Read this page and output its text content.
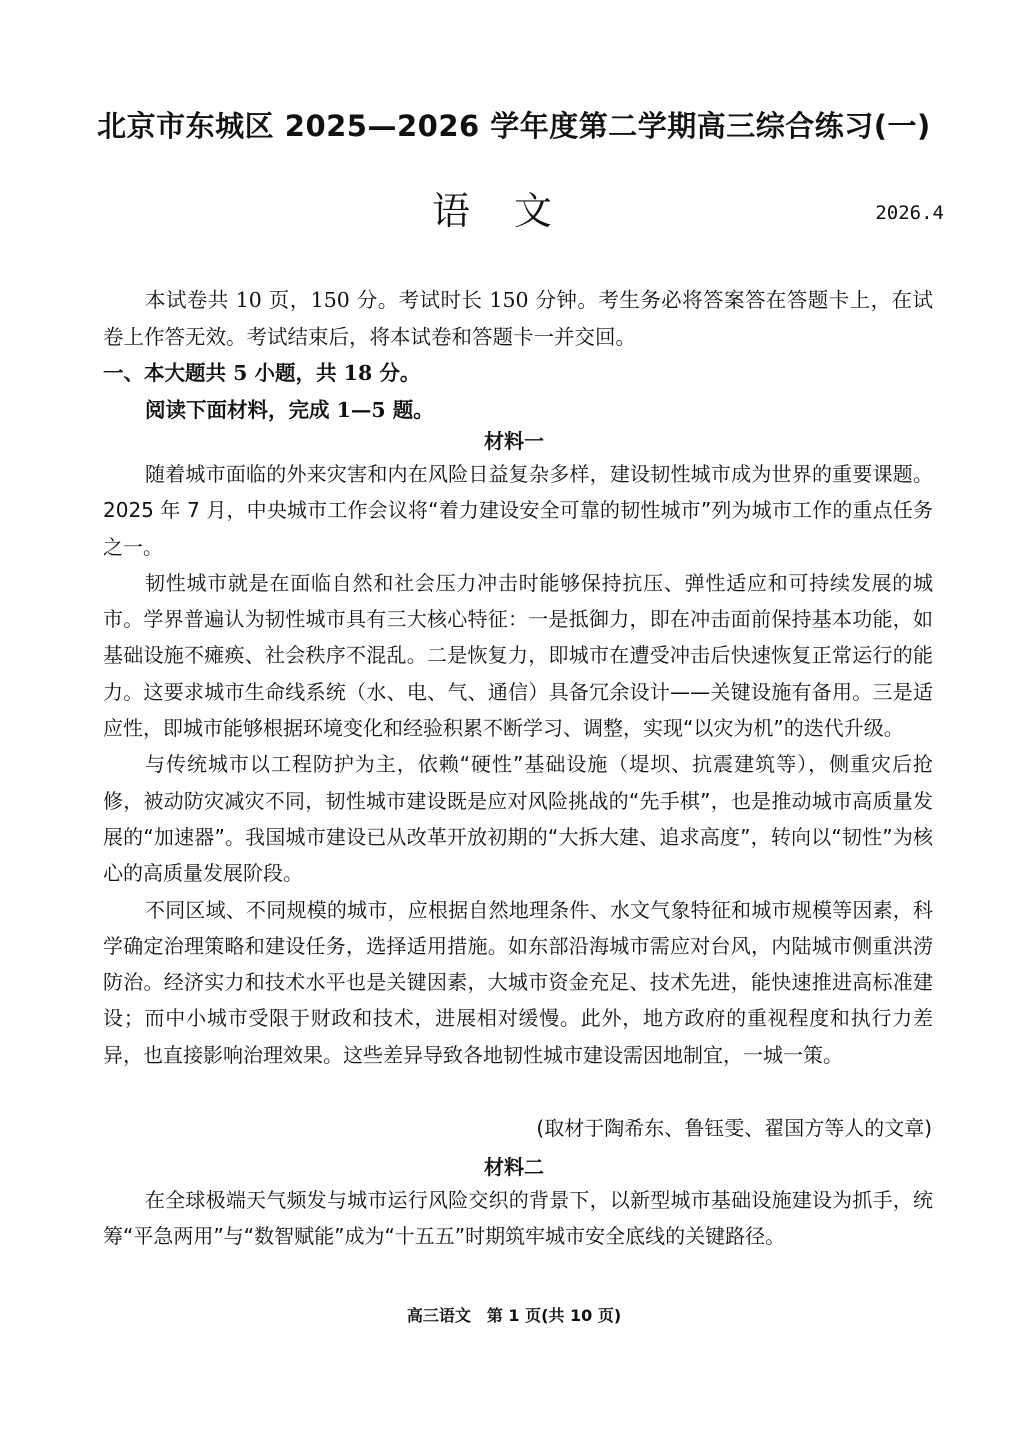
北京市东城区 2025—2026 学年度第二学期高三综合练习(一)
语文	2026.4

本试卷共 10 页，150 分。考试时长 150 分钟。考生务必将答案答在答题卡上，在试卷上作答无效。考试结束后，将本试卷和答题卡一并交回。

一、本大题共 5 小题，共 18 分。
阅读下面材料，完成 1—5 题。
材料一

随着城市面临的外来灾害和内在风险日益复杂多样，建设韧性城市成为世界的重要课题。2025 年 7 月，中央城市工作会议将“着力建设安全可靠的韧性城市”列为城市工作的重点任务之一。

韧性城市就是在面临自然和社会压力冲击时能够保持抗压、弹性适应和可持续发展的城市。学界普遍认为韧性城市具有三大核心特征：一是抵御力，即在冲击面前保持基本功能，如基础设施不瘫痪、社会秩序不混乱。二是恢复力，即城市在遭受冲击后快速恢复正常运行的能力。这要求城市生命线系统（水、电、气、通信）具备冗余设计——关键设施有备用。三是适应性，即城市能够根据环境变化和经验积累不断学习、调整，实现“以灾为机”的迭代升级。

与传统城市以工程防护为主，依赖“硬性”基础设施（堤坝、抗震建筑等），侧重灾后抢修，被动防灾减灾不同，韧性城市建设既是应对风险挑战的“先手棋”，也是推动城市高质量发展的“加速器”。我国城市建设已从改革开放初期的“大拆大建、追求高度”，转向以“韧性”为核心的高质量发展阶段。

不同区域、不同规模的城市，应根据自然地理条件、水文气象特征和城市规模等因素，科学确定治理策略和建设任务，选择适用措施。如东部沿海城市需应对台风，内陆城市侧重洪涝防治。经济实力和技术水平也是关键因素，大城市资金充足、技术先进，能快速推进高标准建设；而中小城市受限于财政和技术，进展相对缓慢。此外，地方政府的重视程度和执行力差异，也直接影响治理效果。这些差异导致各地韧性城市建设需因地制宜，一城一策。

(取材于陶希东、鲁钰雯、翟国方等人的文章)
材料二

在全球极端天气频发与城市运行风险交织的背景下，以新型城市基础设施建设为抓手，统筹“平急两用”与“数智赋能”成为“十五五”时期筑牢城市安全底线的关键路径。

高三语文　第 1 页(共 10 页)
